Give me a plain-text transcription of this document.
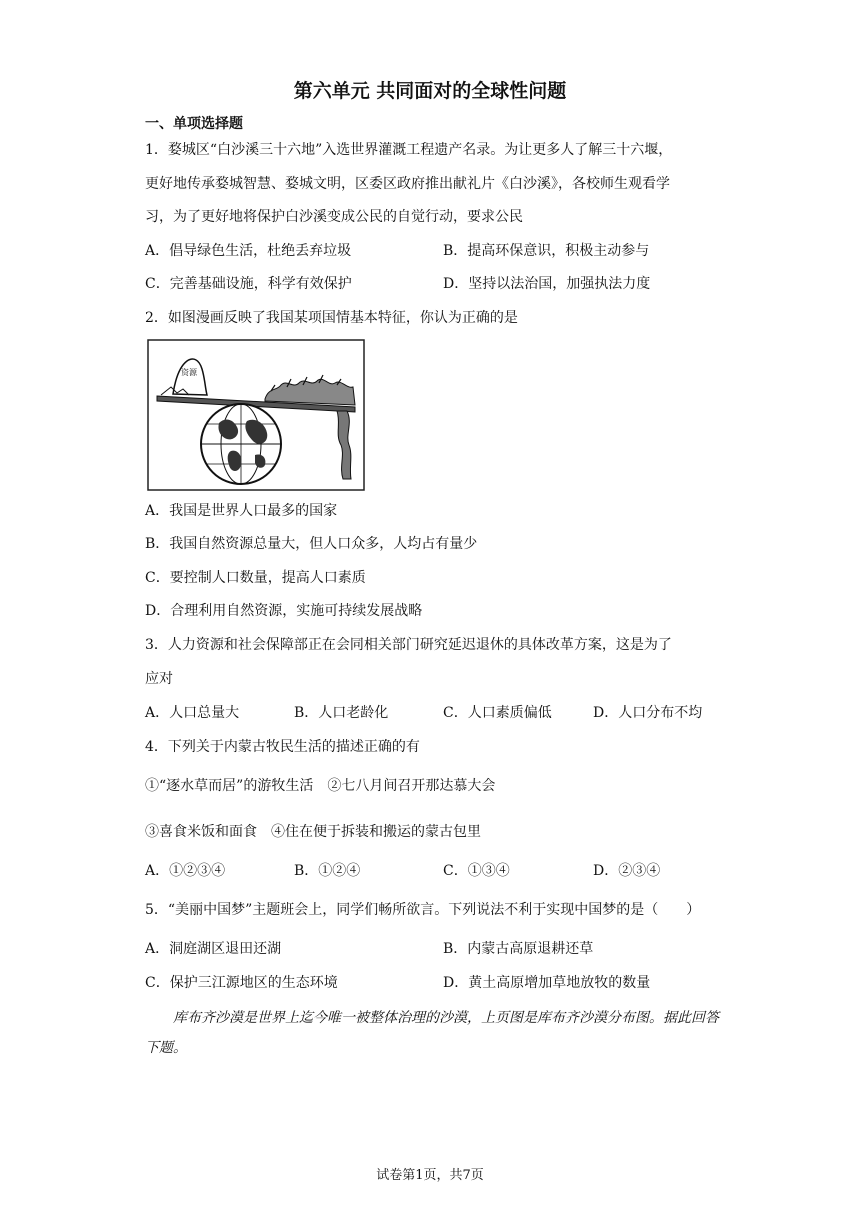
第六单元 共同面对的全球性问题
一、单项选择题
1．婺城区“白沙溪三十六地”入选世界灌溉工程遗产名录。为让更多人了解三十六堰，
更好地传承婺城智慧、婺城文明，区委区政府推出献礼片《白沙溪》，各校师生观看学
习，为了更好地将保护白沙溪变成公民的自觉行动，要求公民
A．倡导绿色生活，杜绝丢弃垃圾	B．提高环保意识，积极主动参与
C．完善基础设施，科学有效保护	D．坚持以法治国，加强执法力度
2．如图漫画反映了我国某项国情基本特征，你认为正确的是
资源
A．我国是世界人口最多的国家
B．我国自然资源总量大，但人口众多，人均占有量少
C．要控制人口数量，提高人口素质
D．合理利用自然资源，实施可持续发展战略
3．人力资源和社会保障部正在会同相关部门研究延迟退休的具体改革方案，这是为了
应对
A．人口总量大	B．人口老龄化	C．人口素质偏低	D．人口分布不均
4．下列关于内蒙古牧民生活的描述正确的有
①“逐水草而居”的游牧生活　②七八月间召开那达慕大会
③喜食米饭和面食　④住在便于拆装和搬运的蒙古包里
A．①②③④	B．①②④	C．①③④	D．②③④
5．“美丽中国梦”主题班会上，同学们畅所欲言。下列说法不利于实现中国梦的是（　　）
A．洞庭湖区退田还湖	B．内蒙古高原退耕还草
C．保护三江源地区的生态环境	D．黄土高原增加草地放牧的数量
库布齐沙漠是世界上迄今唯一被整体治理的沙漠，上页图是库布齐沙漠分布图。据此回答下题。
试卷第1页，共7页
